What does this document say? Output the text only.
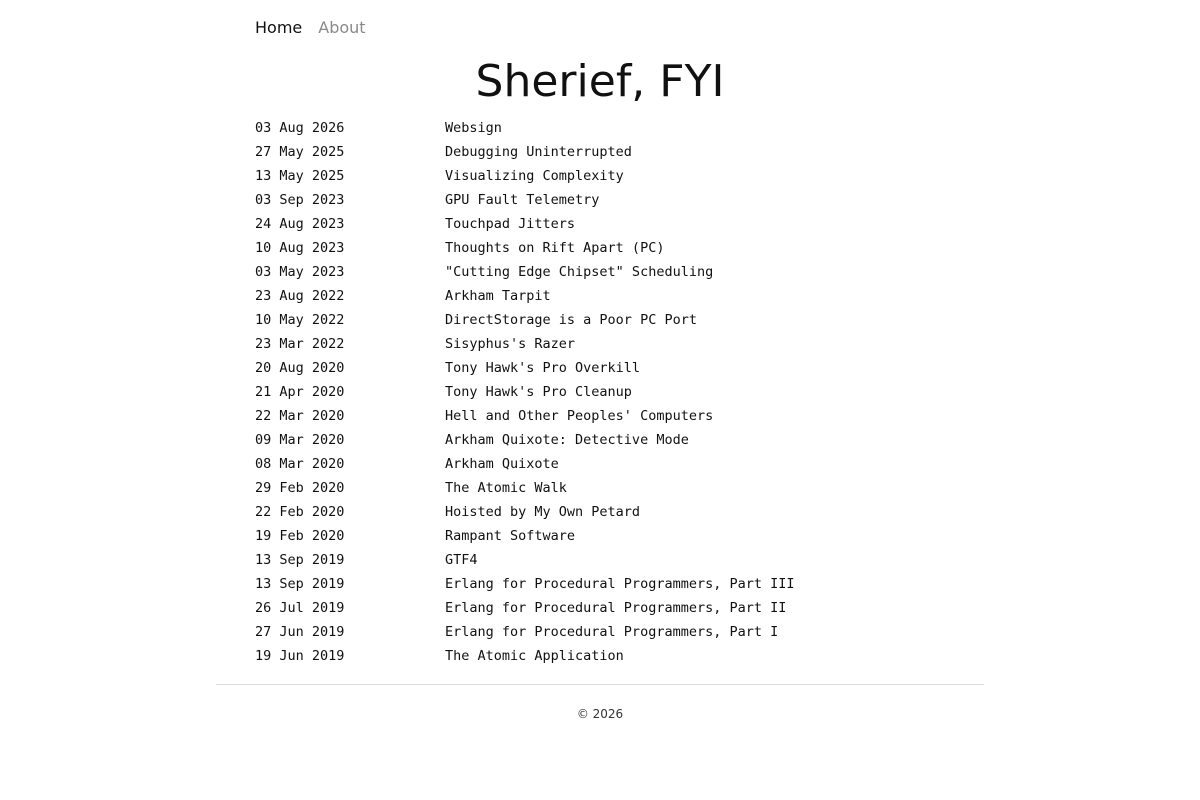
Home About
Sherief, FYI
03 Aug 2026	Websign
27 May 2025	Debugging Uninterrupted
13 May 2025	Visualizing Complexity
03 Sep 2023	GPU Fault Telemetry
24 Aug 2023	Touchpad Jitters
10 Aug 2023	Thoughts on Rift Apart (PC)
03 May 2023	"Cutting Edge Chipset" Scheduling
23 Aug 2022	Arkham Tarpit
10 May 2022	DirectStorage is a Poor PC Port
23 Mar 2022	Sisyphus's Razer
20 Aug 2020	Tony Hawk's Pro Overkill
21 Apr 2020	Tony Hawk's Pro Cleanup
22 Mar 2020	Hell and Other Peoples' Computers
09 Mar 2020	Arkham Quixote: Detective Mode
08 Mar 2020	Arkham Quixote
29 Feb 2020	The Atomic Walk
22 Feb 2020	Hoisted by My Own Petard
19 Feb 2020	Rampant Software
13 Sep 2019	GTF4
13 Sep 2019	Erlang for Procedural Programmers, Part III
26 Jul 2019	Erlang for Procedural Programmers, Part II
27 Jun 2019	Erlang for Procedural Programmers, Part I
19 Jun 2019	The Atomic Application
© 2026
